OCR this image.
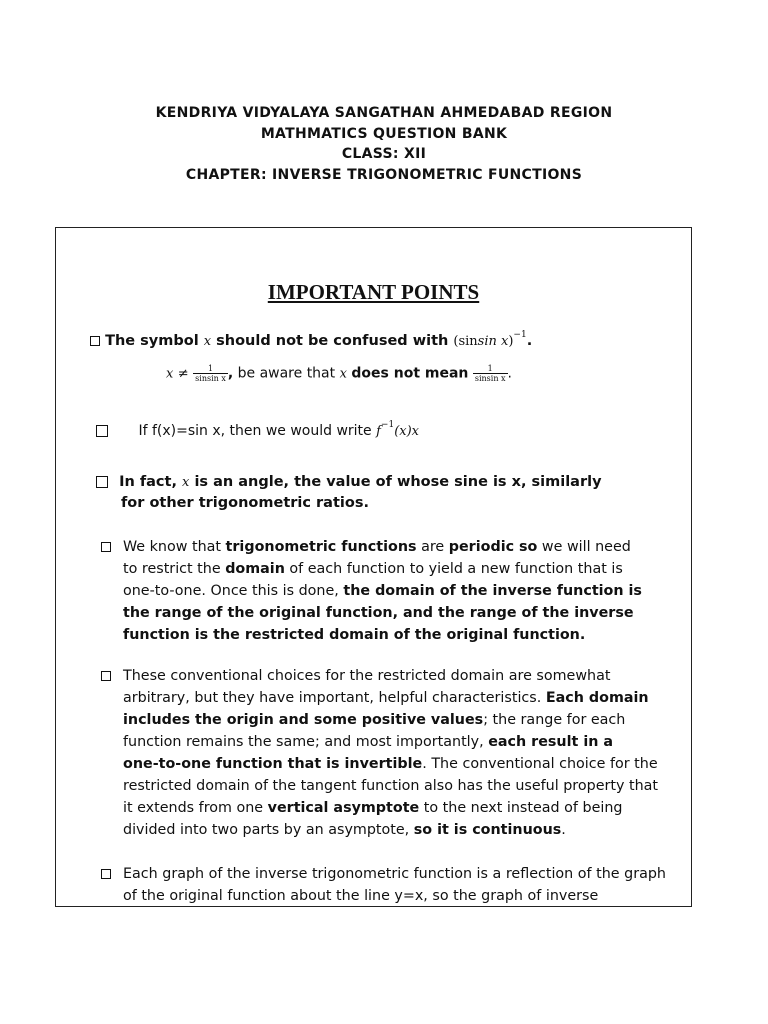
KENDRIYA VIDYALAYA SANGATHAN AHMEDABAD REGION
MATHMATICS QUESTION BANK
CLASS: XII
CHAPTER: INVERSE TRIGONOMETRIC FUNCTIONS
IMPORTANT POINTS
The symbol x should not be confused with (sinsin x)$^{-1}$.
$x \ne \frac{1}{\text{sinsin x}}$ , be aware that x does not mean $\frac{1}{\text{sinsin x}}$ .
If f(x)=sin x, then we would write $f^{-1}(x)x$
In fact, x is an angle, the value of whose sine is x, similarly
for other trigonometric ratios.
We know that trigonometric functions are periodic so we will need
to restrict the domain of each function to yield a new function that is
one-to-one. Once this is done, the domain of the inverse function is
the range of the original function, and the range of the inverse
function is the restricted domain of the original function.
These conventional choices for the restricted domain are somewhat
arbitrary, but they have important, helpful characteristics. Each domain
includes the origin and some positive values; the range for each
function remains the same; and most importantly, each result in a
one-to-one function that is invertible. The conventional choice for the
restricted domain of the tangent function also has the useful property that
it extends from one vertical asymptote to the next instead of being
divided into two parts by an asymptote, so it is continuous.
Each graph of the inverse trigonometric function is a reflection of the graph
of the original function about the line y=x, so the graph of inverse
